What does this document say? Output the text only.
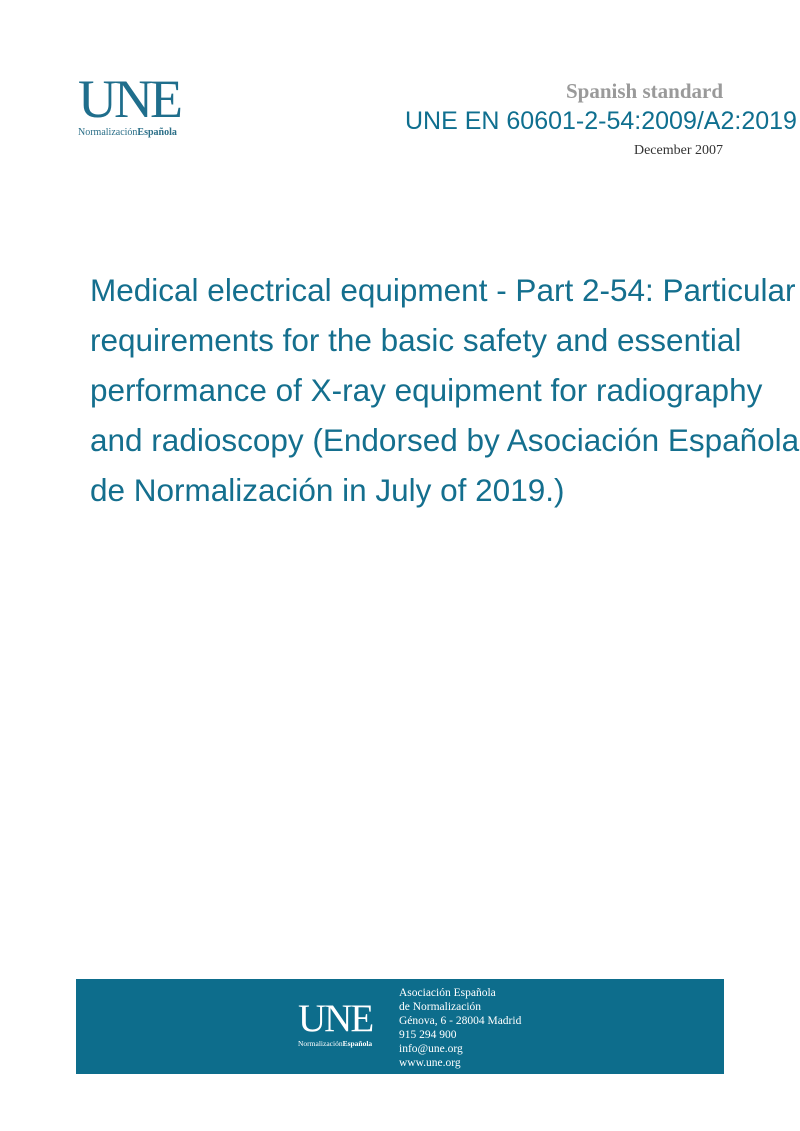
UNE
NormalizaciónEspañola
Spanish standard
UNE EN 60601-2-54:2009/A2:2019
December 2007
Medical electrical equipment - Part 2-54: Particular
requirements for the basic safety and essential
performance of X-ray equipment for radiography
and radioscopy (Endorsed by Asociación Española
de Normalización in July of 2019.)
UNE
NormalizaciónEspañola
Asociación Española
de Normalización
Génova, 6 - 28004 Madrid
915 294 900
info@une.org
www.une.org
